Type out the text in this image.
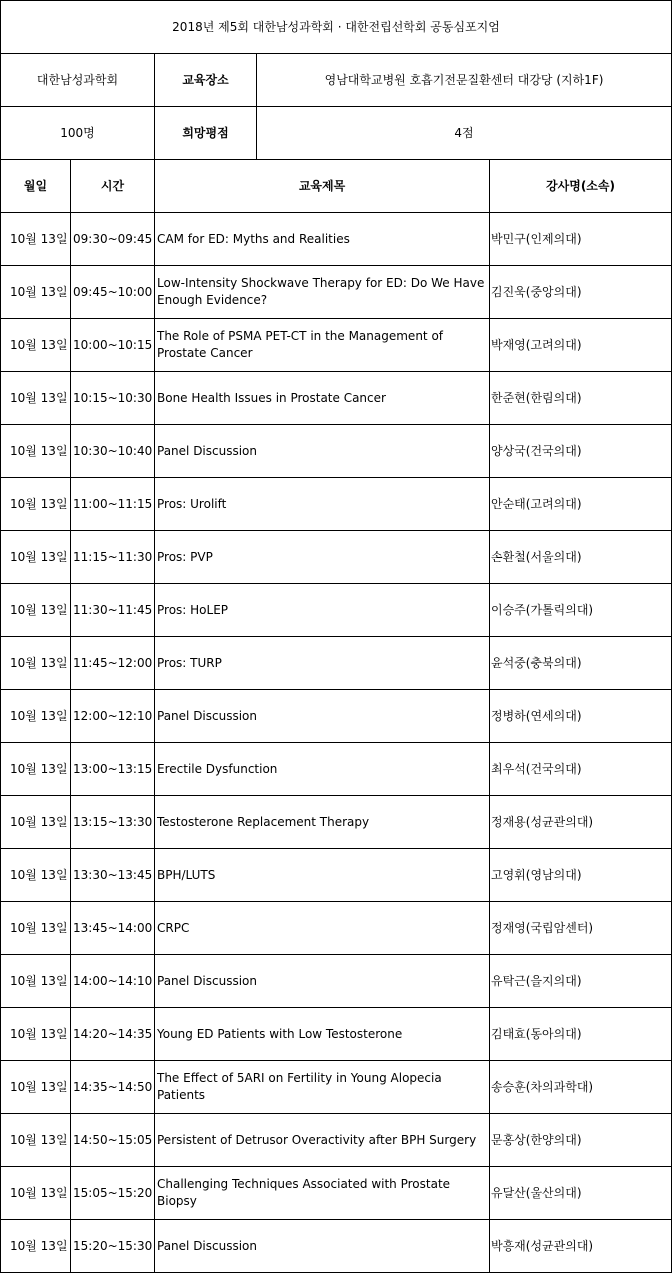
2018년 제5회 대한남성과학회 · 대한전립선학회 공동심포지엄				
대한남성과학회		교육장소	영남대학교병원 호흡기전문질환센터 대강당 (지하1F)	
100명		희망평점	4점	
월일	시간	교육제목		강사명(소속)
10월 13일	09:30~09:45	CAM for ED: Myths and Realities		박민구(인제의대)
10월 13일	09:45~10:00	Low-Intensity Shockwave Therapy for ED: Do We Have Enough Evidence?		김진욱(중앙의대)
10월 13일	10:00~10:15	The Role of PSMA PET-CT in the Management of Prostate Cancer		박재영(고려의대)
10월 13일	10:15~10:30	Bone Health Issues in Prostate Cancer		한준현(한림의대)
10월 13일	10:30~10:40	Panel Discussion		양상국(건국의대)
10월 13일	11:00~11:15	Pros: Urolift		안순태(고려의대)
10월 13일	11:15~11:30	Pros: PVP		손환철(서울의대)
10월 13일	11:30~11:45	Pros: HoLEP		이승주(가톨릭의대)
10월 13일	11:45~12:00	Pros: TURP		윤석중(충북의대)
10월 13일	12:00~12:10	Panel Discussion		정병하(연세의대)
10월 13일	13:00~13:15	Erectile Dysfunction		최우석(건국의대)
10월 13일	13:15~13:30	Testosterone Replacement Therapy		정재용(성균관의대)
10월 13일	13:30~13:45	BPH/LUTS		고영휘(영남의대)
10월 13일	13:45~14:00	CRPC		정재영(국립암센터)
10월 13일	14:00~14:10	Panel Discussion		유탁근(을지의대)
10월 13일	14:20~14:35	Young ED Patients with Low Testosterone		김태효(동아의대)
10월 13일	14:35~14:50	The Effect of 5ARI on Fertility in Young Alopecia Patients		송승훈(차의과학대)
10월 13일	14:50~15:05	Persistent of Detrusor Overactivity after BPH Surgery		문홍상(한양의대)
10월 13일	15:05~15:20	Challenging Techniques Associated with Prostate Biopsy		유달산(울산의대)
10월 13일	15:20~15:30	Panel Discussion		박흥재(성균관의대)
